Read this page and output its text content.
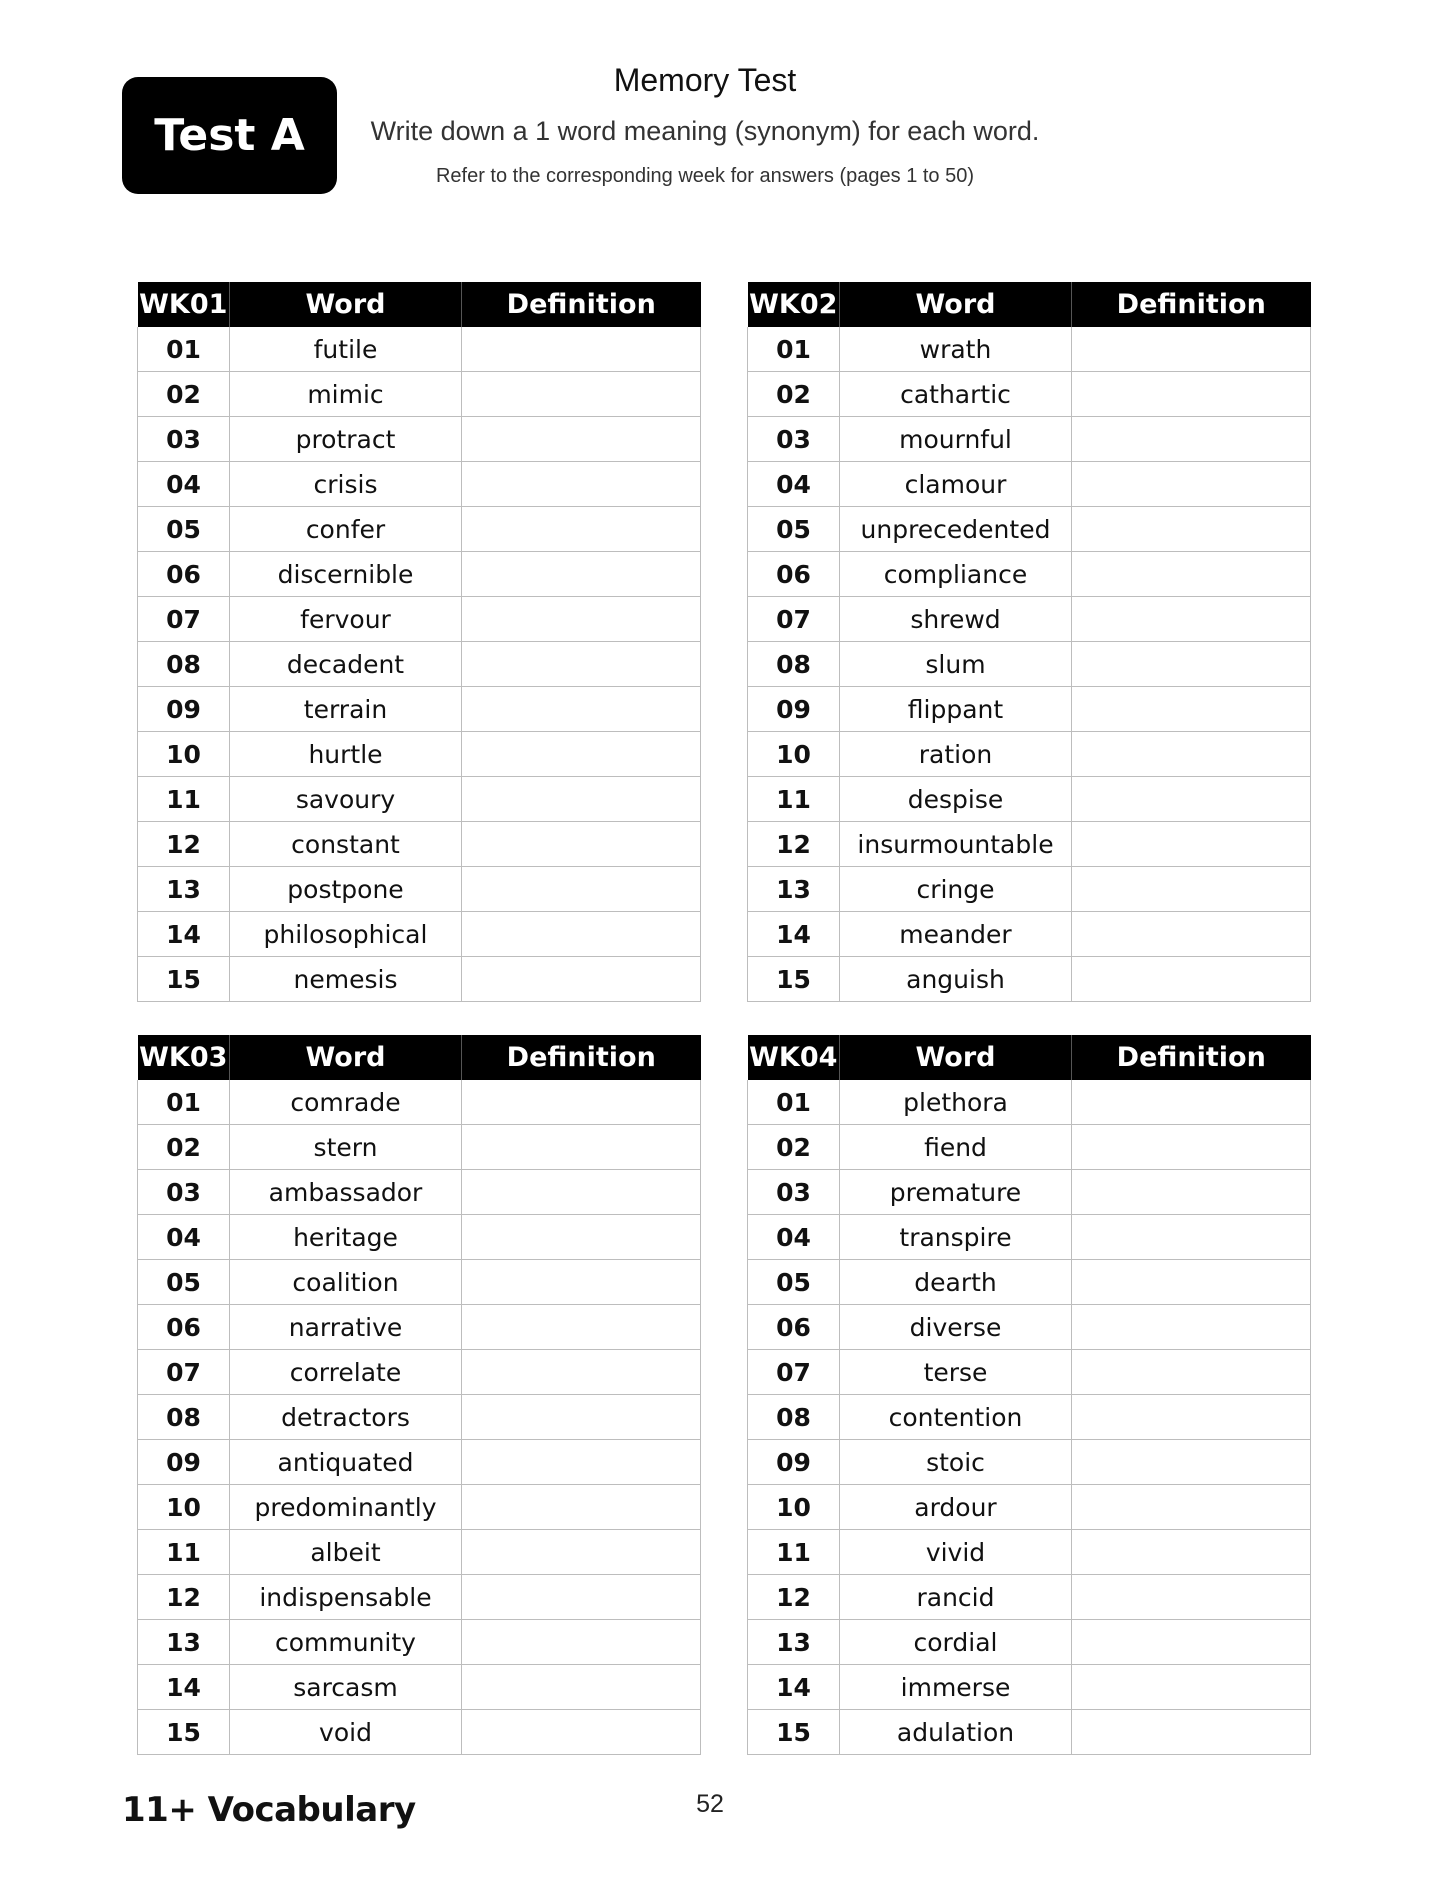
Test A
Memory Test
Write down a 1 word meaning (synonym) for each word.
Refer to the corresponding week for answers (pages 1 to 50)
WK01	Word	Definition
01	futile	
02	mimic	
03	protract	
04	crisis	
05	confer	
06	discernible	
07	fervour	
08	decadent	
09	terrain	
10	hurtle	
11	savoury	
12	constant	
13	postpone	
14	philosophical	
15	nemesis	
WK02	Word	Definition
01	wrath	
02	cathartic	
03	mournful	
04	clamour	
05	unprecedented	
06	compliance	
07	shrewd	
08	slum	
09	flippant	
10	ration	
11	despise	
12	insurmountable	
13	cringe	
14	meander	
15	anguish	
WK03	Word	Definition
01	comrade	
02	stern	
03	ambassador	
04	heritage	
05	coalition	
06	narrative	
07	correlate	
08	detractors	
09	antiquated	
10	predominantly	
11	albeit	
12	indispensable	
13	community	
14	sarcasm	
15	void	
WK04	Word	Definition
01	plethora	
02	fiend	
03	premature	
04	transpire	
05	dearth	
06	diverse	
07	terse	
08	contention	
09	stoic	
10	ardour	
11	vivid	
12	rancid	
13	cordial	
14	immerse	
15	adulation	
11+ Vocabulary	52
